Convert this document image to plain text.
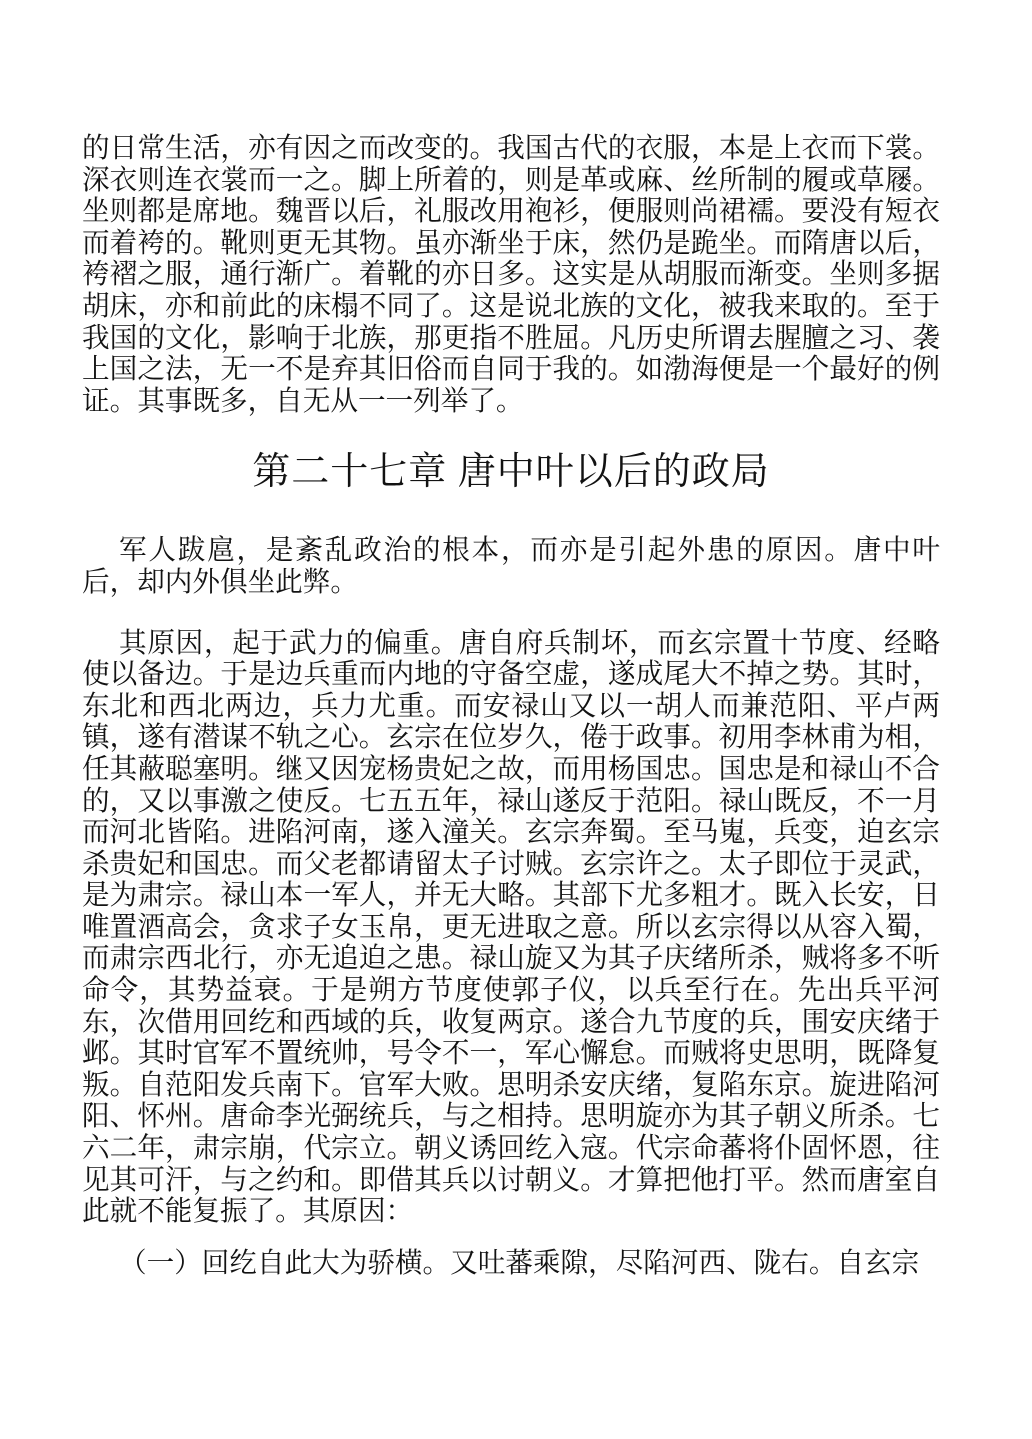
的日常生活，亦有因之而改变的。我国古代的衣服，本是上衣而下裳。深衣则连衣裳而一之。脚上所着的，则是革或麻、丝所制的履或草屦。坐则都是席地。魏晋以后，礼服改用袍衫，便服则尚裙襦。要没有短衣而着袴的。靴则更无其物。虽亦渐坐于床，然仍是跪坐。而隋唐以后，袴褶之服，通行渐广。着靴的亦日多。这实是从胡服而渐变。坐则多据胡床，亦和前此的床榻不同了。这是说北族的文化，被我来取的。至于我国的文化，影响于北族，那更指不胜屈。凡历史所谓去腥膻之习、袭上国之法，无一不是弃其旧俗而自同于我的。如渤海便是一个最好的例证。其事既多，自无从一一列举了。

第二十七章 唐中叶以后的政局

军人跋扈，是紊乱政治的根本，而亦是引起外患的原因。唐中叶后，却内外俱坐此弊。

其原因，起于武力的偏重。唐自府兵制坏，而玄宗置十节度、经略使以备边。于是边兵重而内地的守备空虚，遂成尾大不掉之势。其时，东北和西北两边，兵力尤重。而安禄山又以一胡人而兼范阳、平卢两镇，遂有潜谋不轨之心。玄宗在位岁久，倦于政事。初用李林甫为相，任其蔽聪塞明。继又因宠杨贵妃之故，而用杨国忠。国忠是和禄山不合的，又以事激之使反。七五五年，禄山遂反于范阳。禄山既反，不一月而河北皆陷。进陷河南，遂入潼关。玄宗奔蜀。至马嵬，兵变，迫玄宗杀贵妃和国忠。而父老都请留太子讨贼。玄宗许之。太子即位于灵武，是为肃宗。禄山本一军人，并无大略。其部下尤多粗才。既入长安，日唯置酒高会，贪求子女玉帛，更无进取之意。所以玄宗得以从容入蜀，而肃宗西北行，亦无追迫之患。禄山旋又为其子庆绪所杀，贼将多不听命令，其势益衰。于是朔方节度使郭子仪，以兵至行在。先出兵平河东，次借用回纥和西域的兵，收复两京。遂合九节度的兵，围安庆绪于邺。其时官军不置统帅，号令不一，军心懈怠。而贼将史思明，既降复叛。自范阳发兵南下。官军大败。思明杀安庆绪，复陷东京。旋进陷河阳、怀州。唐命李光弼统兵，与之相持。思明旋亦为其子朝义所杀。七六二年，肃宗崩，代宗立。朝义诱回纥入寇。代宗命蕃将仆固怀恩，往见其可汗，与之约和。即借其兵以讨朝义。才算把他打平。然而唐室自此就不能复振了。其原因：

（一）回纥自此大为骄横。又吐蕃乘隙，尽陷河西、陇右。自玄宗
